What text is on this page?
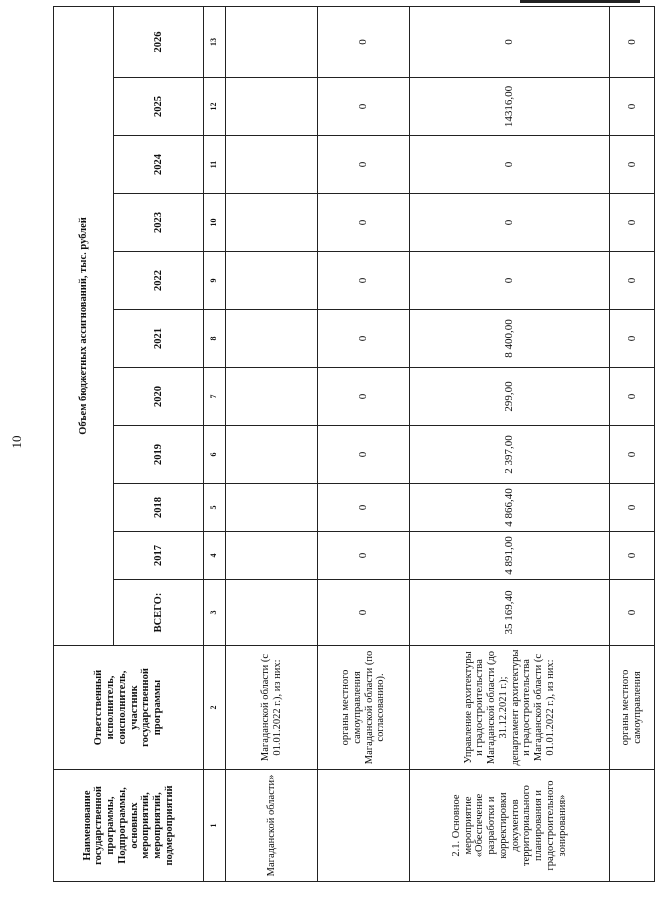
10
Наименование государственной программы, Подпрограммы, основных мероприятий, мероприятий, подмероприятий	Ответственный исполнитель, соисполнитель, участник государственной программы	Объем бюджетных ассигнований, тыс. рублей										
		ВСЕГО:	2017	2018	2019	2020	2021	2022	2023	2024	2025	2026
1	2	3	4	5	6	7	8	9	10	11	12	13
Магаданской области»	Магаданской области (с 01.01.2022 г.), из них:											
	органы местного самоуправления Магаданской области (по согласованию).	0	0	0	0	0	0	0	0	0	0	0
2.1. Основное мероприятие «Обеспечение разработки и корректировки документов территориального планирования и градостроительного зонирования»	Управление архитектуры и градостроительства Магаданской области (до 31.12.2021 г.); департамент архитектуры и градостроительства Магаданской области (с 01.01.2022 г.), из них:	35 169,40	4 891,00	4 866,40	2 397,00	299,00	8 400,00	0	0	0	14316,00	0
	органы местного самоуправления	0	0	0	0	0	0	0	0	0	0	0
